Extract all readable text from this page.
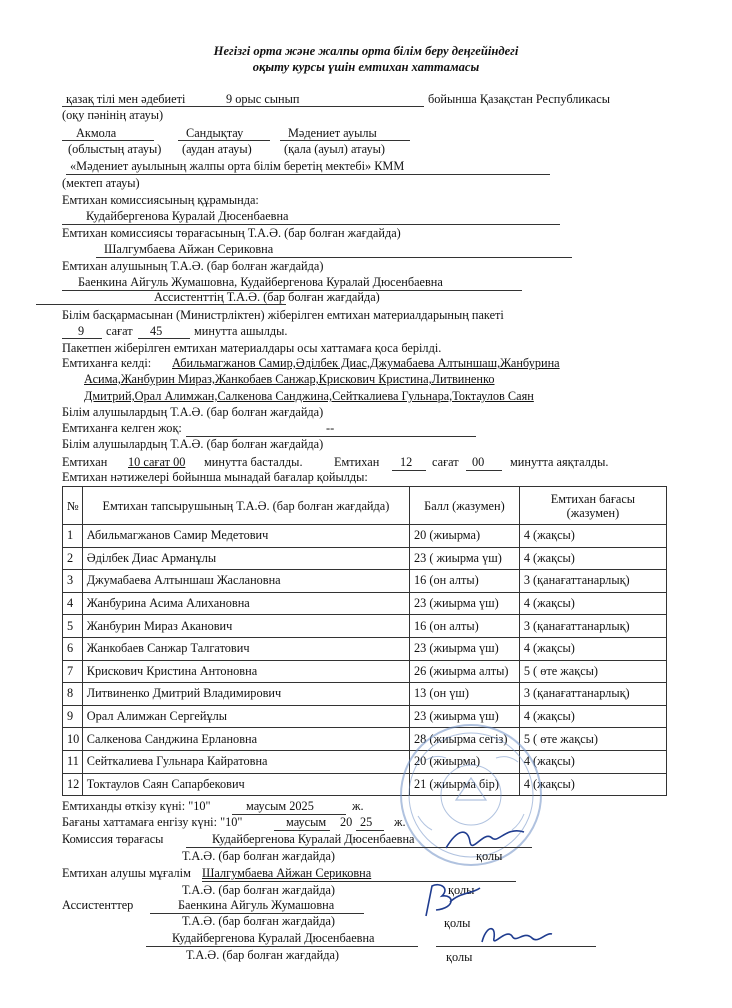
Негізгі орта және жалпы орта білім беру деңгейіндегі
оқыту курсы үшін емтихан хаттамасы
қазақ тілі мен әдебиеті	9 орыс сынып	бойынша Қазақстан Республикасы
(оқу пәнінің атауы)
Акмола	Сандықтау	Мәдениет ауылы
(облыстың атауы) (аудан атауы)	(қала (ауыл) атауы)
«Мәдениет ауылының жалпы орта білім беретің мектебі» КММ
(мектеп атауы)
Емтихан комиссиясының құрамында:
Кудайбергенова Куралай Дюсенбаевна
Емтихан комиссиясы төрағасының Т.А.Ә. (бар болған жағдайда)
Шалгумбаева Айжан Сериковна
Емтихан алушының Т.А.Ә. (бар болған жағдайда)
Баенкина Айгуль Жумашовна, Кудайбергенова Куралай Дюсенбаевна
Ассистенттің Т.А.Ә. (бар болған жағдайда)
Білім басқармасынан (Министрліктен) жіберілген емтихан материалдарының пакеті
9 сағат 45	минутта ашылды.
Пакетпен жіберілген емтихан материалдары осы хаттамаға қоса берілді.
Емтиханға келді: Абильмагжанов Самир,Әділбек Диас,Джумабаева Алтыншаш,Жанбурина
Асима,Жанбурин Мираз,Жанкобаев Санжар,Крискович Кристина,Литвиненко
Дмитрий,Орал Алимжан,Салкенова Санджина,Сейткалиева Гульнара,Токтаулов Саян
Білім алушылардың Т.А.Ә. (бар болған жағдайда)
Емтиханға келген жоқ:	--
Білім алушылардың Т.А.Ә. (бар болған жағдайда)
Емтихан 10 сағат 00 минутта басталды.	Емтихан 12 сағат 00 минутта аяқталды.
Емтихан нәтижелері бойынша мынадай бағалар қойылды:
№	Емтихан тапсырушының Т.А.Ә. (бар болған жағдайда)	Балл (жазумен)	Емтихан бағасы (жазумен)
1	Абильмагжанов Самир Медетович	20 (жиырма)	4 (жақсы)
2	Әділбек Диас Арманұлы	23 ( жиырма үш)	4 (жақсы)
3	Джумабаева Алтыншаш Жаслановна	16 (он алты)	3 (қанағаттанарлық)
4	Жанбурина Асима Алихановна	23 (жиырма үш)	4 (жақсы)
5	Жанбурин Мираз Аканович	16 (он алты)	3 (қанағаттанарлық)
6	Жанкобаев Санжар Талгатович	23 (жиырма үш)	4 (жақсы)
7	Крискович Кристина Антоновна	26 (жиырма алты)	5 ( өте жақсы)
8	Литвиненко Дмитрий Владимирович	13 (он үш)	3 (қанағаттанарлық)
9	Орал Алимжан Сергейұлы	23 (жиырма үш)	4 (жақсы)
10	Салкенова Санджина Ерлановна	28 (жиырма сегіз)	5 ( өте жақсы)
11	Сейткалиева Гульнара Кайратовна	20 (жиырма)	4 (жақсы)
12	Токтаулов Саян Сапарбекович	21 (жиырма бір)	4 (жақсы)
Емтиханды өткізу күні: "10"	маусым 2025	ж.
Бағаны хаттамаға енгізу күні: "10"	маусым 20 25 ж.
Комиссия төрағасы	Кудайбергенова Куралай Дюсенбаевна
Т.А.Ә. (бар болған жағдайда)	қолы
Емтихан алушы мұғалім Шалгумбаева Айжан Сериковна
Т.А.Ә. (бар болған жағдайда)	қолы
Ассистенттер	Баенкина Айгуль Жумашовна
Т.А.Ә. (бар болған жағдайда)	қолы
Кудайбергенова Куралай Дюсенбаевна
Т.А.Ә. (бар болған жағдайда)	қолы
